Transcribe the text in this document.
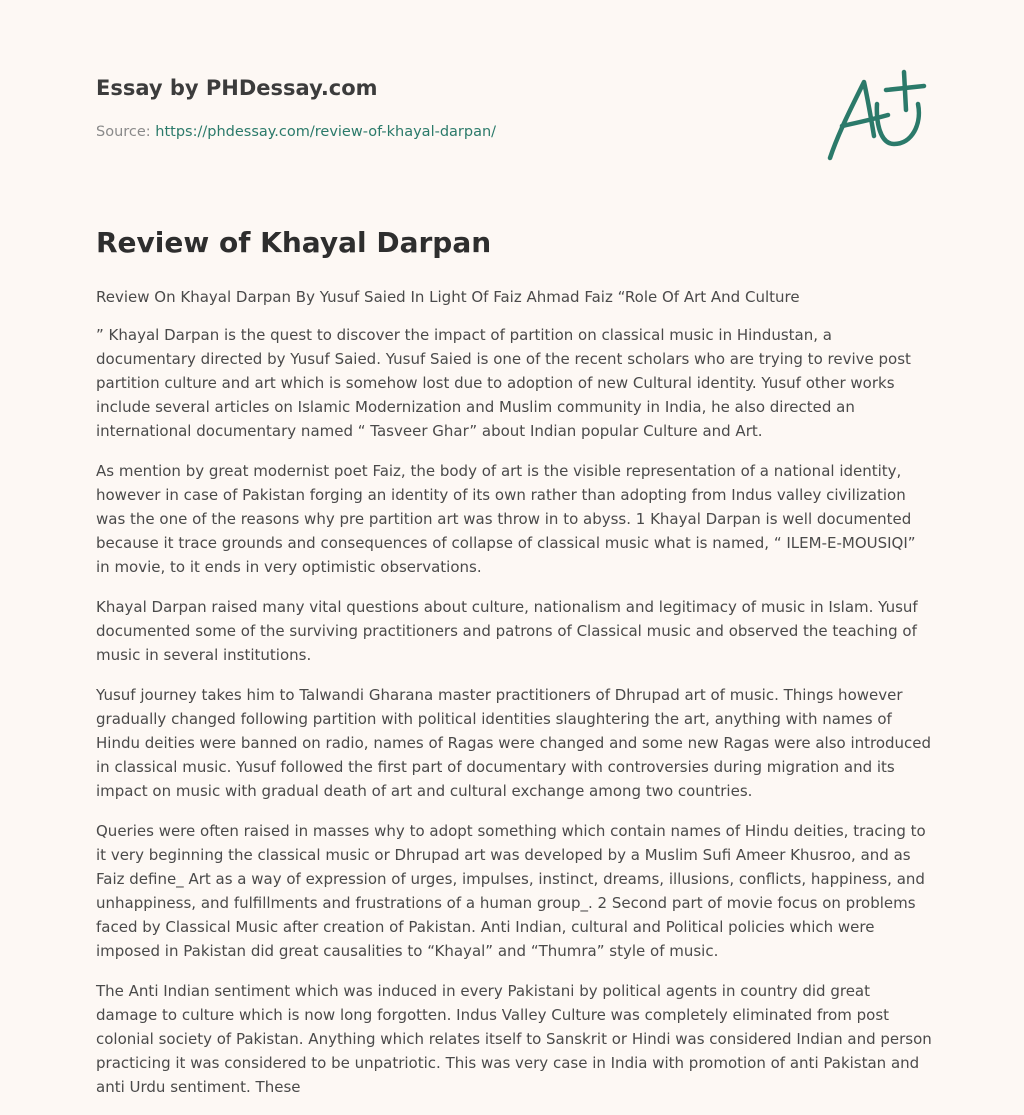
Essay by PHDessay.com
Source: https://phdessay.com/review-of-khayal-darpan/
Review of Khayal Darpan

Review On Khayal Darpan By Yusuf Saied In Light Of Faiz Ahmad Faiz “Role Of Art And Culture

” Khayal Darpan is the quest to discover the impact of partition on classical music in Hindustan, a documentary directed by Yusuf Saied. Yusuf Saied is one of the recent scholars who are trying to revive post partition culture and art which is somehow lost due to adoption of new Cultural identity. Yusuf other works include several articles on Islamic Modernization and Muslim community in India, he also directed an international documentary named “ Tasveer Ghar” about Indian popular Culture and Art.

As mention by great modernist poet Faiz, the body of art is the visible representation of a national identity, however in case of Pakistan forging an identity of its own rather than adopting from Indus valley civilization was the one of the reasons why pre partition art was throw in to abyss. 1 Khayal Darpan is well documented because it trace grounds and consequences of collapse of classical music what is named, “ ILEM-E-MOUSIQI” in movie, to it ends in very optimistic observations.

Khayal Darpan raised many vital questions about culture, nationalism and legitimacy of music in Islam. Yusuf documented some of the surviving practitioners and patrons of Classical music and observed the teaching of music in several institutions.

Yusuf journey takes him to Talwandi Gharana master practitioners of Dhrupad art of music. Things however gradually changed following partition with political identities slaughtering the art, anything with names of Hindu deities were banned on radio, names of Ragas were changed and some new Ragas were also introduced in classical music. Yusuf followed the first part of documentary with controversies during migration and its impact on music with gradual death of art and cultural exchange among two countries.

Queries were often raised in masses why to adopt something which contain names of Hindu deities, tracing to it very beginning the classical music or Dhrupad art was developed by a Muslim Sufi Ameer Khusroo, and as Faiz define_ Art as a way of expression of urges, impulses, instinct, dreams, illusions, conflicts, happiness, and unhappiness, and fulfillments and frustrations of a human group_. 2 Second part of movie focus on problems faced by Classical Music after creation of Pakistan. Anti Indian, cultural and Political policies which were imposed in Pakistan did great causalities to “Khayal” and “Thumra” style of music.

The Anti Indian sentiment which was induced in every Pakistani by political agents in country did great damage to culture which is now long forgotten. Indus Valley Culture was completely eliminated from post colonial society of Pakistan. Anything which relates itself to Sanskrit or Hindi was considered Indian and person practicing it was considered to be unpatriotic. This was very case in India with promotion of anti Pakistan and anti Urdu sentiment. These
